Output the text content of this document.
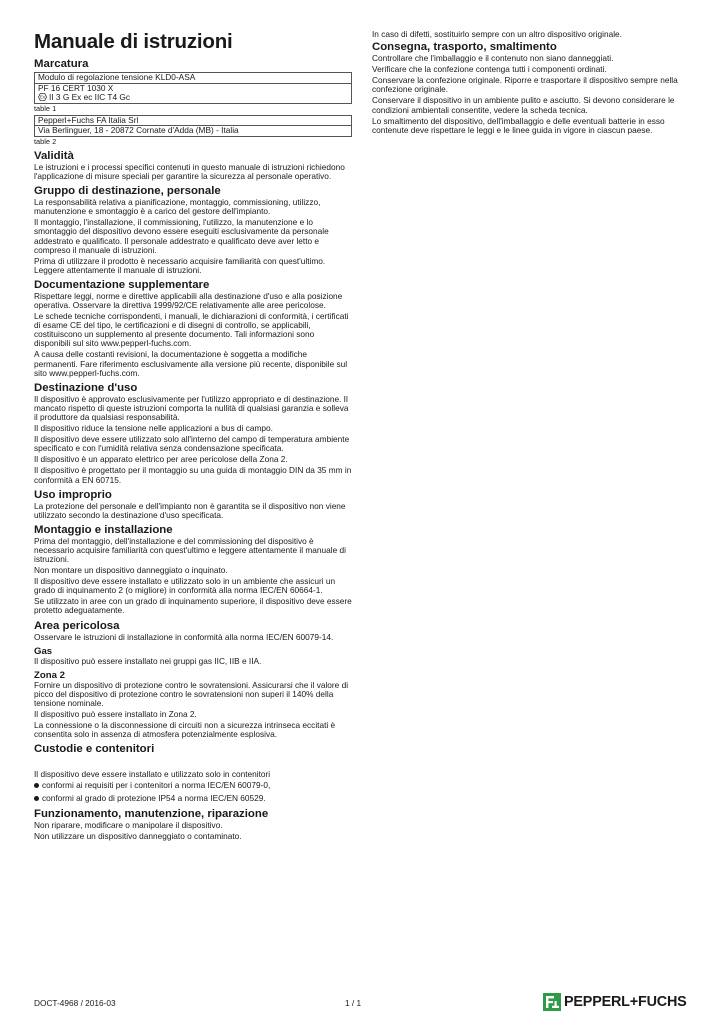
Manuale di istruzioni
Marcatura
Modulo di regolazione tensione KLD0-ASA
PF 16 CERT 1030 X
Ex II 3 G Ex ec IIC T4 Gc
table 1
Pepperl+Fuchs FA Italia Srl
Via Berlinguer, 18 - 20872 Cornate d'Adda (MB) - Italia
table 2
Validità

Le istruzioni e i processi specifici contenuti in questo manuale di istruzioni richiedono l'applicazione di misure speciali per garantire la sicurezza al personale operativo.

Gruppo di destinazione, personale

La responsabilità relativa a pianificazione, montaggio, commissioning, utilizzo, manutenzione e smontaggio è a carico del gestore dell'impianto.

Il montaggio, l'installazione, il commissioning, l'utilizzo, la manutenzione e lo smontaggio del dispositivo devono essere eseguiti esclusivamente da personale addestrato e qualificato. Il personale addestrato e qualificato deve aver letto e compreso il manuale di istruzioni.

Prima di utilizzare il prodotto è necessario acquisire familiarità con quest'ultimo. Leggere attentamente il manuale di istruzioni.

Documentazione supplementare

Rispettare leggi, norme e direttive applicabili alla destinazione d'uso e alla posizione operativa. Osservare la direttiva 1999/92/CE relativamente alle aree pericolose.

Le schede tecniche corrispondenti, i manuali, le dichiarazioni di conformità, i certificati di esame CE del tipo, le certificazioni e di disegni di controllo, se applicabili, costituiscono un supplemento al presente documento. Tali informazioni sono disponibili sul sito www.pepperl-fuchs.com.

A causa delle costanti revisioni, la documentazione è soggetta a modifiche permanenti. Fare riferimento esclusivamente alla versione più recente, disponibile sul sito www.pepperl-fuchs.com.

Destinazione d'uso

Il dispositivo è approvato esclusivamente per l'utilizzo appropriato e di destinazione. Il mancato rispetto di queste istruzioni comporta la nullità di qualsiasi garanzia e solleva il produttore da qualsiasi responsabilità.

Il dispositivo riduce la tensione nelle applicazioni a bus di campo.

Il dispositivo deve essere utilizzato solo all'interno del campo di temperatura ambiente specificato e con l'umidità relativa senza condensazione specificata.

Il dispositivo è un apparato elettrico per aree pericolose della Zona 2.

Il dispositivo è progettato per il montaggio su una guida di montaggio DIN da 35 mm in conformità a EN 60715.

Uso improprio

La protezione del personale e dell'impianto non è garantita se il dispositivo non viene utilizzato secondo la destinazione d'uso specificata.

Montaggio e installazione

Prima del montaggio, dell'installazione e del commissioning del dispositivo è necessario acquisire familiarità con quest'ultimo e leggere attentamente il manuale di istruzioni.

Non montare un dispositivo danneggiato o inquinato.

Il dispositivo deve essere installato e utilizzato solo in un ambiente che assicuri un grado di inquinamento 2 (o migliore) in conformità alla norma IEC/EN 60664-1.

Se utilizzato in aree con un grado di inquinamento superiore, il dispositivo deve essere protetto adeguatamente.

Area pericolosa

Osservare le istruzioni di installazione in conformità alla norma IEC/EN 60079-14.

Gas

Il dispositivo può essere installato nei gruppi gas IIC, IIB e IIA.

Zona 2

Fornire un dispositivo di protezione contro le sovratensioni. Assicurarsi che il valore di picco del dispositivo di protezione contro le sovratensioni non superi il 140% della tensione nominale.

Il dispositivo può essere installato in Zona 2.

La connessione o la disconnessione di circuiti non a sicurezza intrinseca eccitati è consentita solo in assenza di atmosfera potenzialmente esplosiva.

Custodie e contenitori

Il dispositivo deve essere installato e utilizzato solo in contenitori

conformi ai requisiti per i contenitori a norma IEC/EN 60079-0,
conformi al grado di protezione IP54 a norma IEC/EN 60529.
Funzionamento, manutenzione, riparazione

Non riparare, modificare o manipolare il dispositivo.

Non utilizzare un dispositivo danneggiato o contaminato.

In caso di difetti, sostituirlo sempre con un altro dispositivo originale.

Consegna, trasporto, smaltimento

Controllare che l'imballaggio e il contenuto non siano danneggiati.

Verificare che la confezione contenga tutti i componenti ordinati.

Conservare la confezione originale. Riporre e trasportare il dispositivo sempre nella confezione originale.

Conservare il dispositivo in un ambiente pulito e asciutto. Si devono considerare le condizioni ambientali consentite, vedere la scheda tecnica.

Lo smaltimento del dispositivo, dell'imballaggio e delle eventuali batterie in esso contenute deve rispettare le leggi e le linee guida in vigore in ciascun paese.

DOCT-4968 / 2016-03	1 / 1	PEPPERL+FUCHS
